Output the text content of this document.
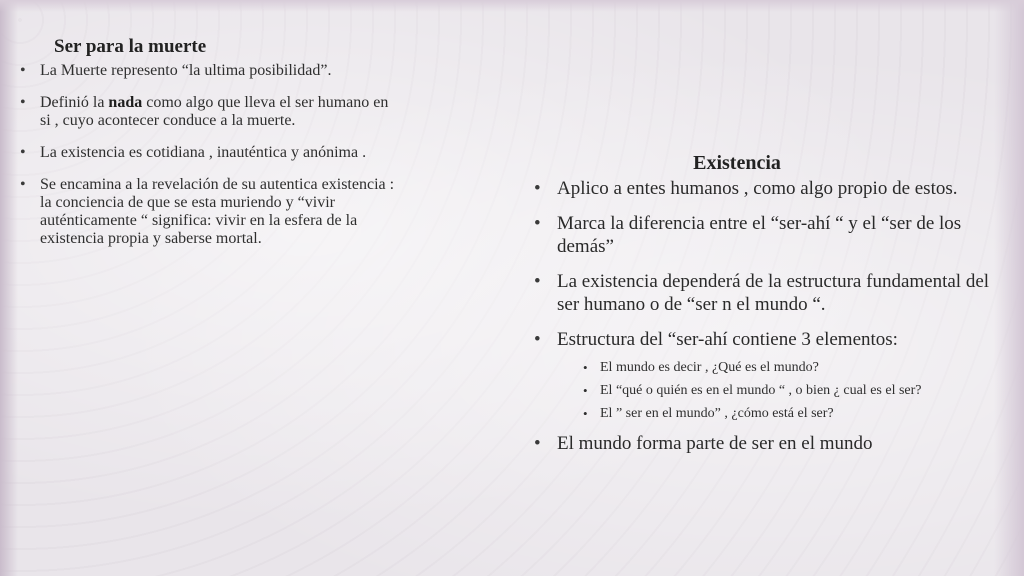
Ser para la muerte
• La Muerte represento “la ultima posibilidad”.
• Definió la nada como algo que lleva el ser humano en si , cuyo acontecer conduce a la muerte.
• La existencia es cotidiana , inauténtica y anónima .
• Se encamina a la revelación de su autentica existencia : la conciencia de que se esta muriendo y “vivir auténticamente “ significa: vivir en la esfera de la existencia propia y saberse mortal.
Existencia
• Aplico a entes humanos , como algo propio de estos.
• Marca la diferencia entre el “ser-ahí “ y el “ser de los demás”
• La existencia dependerá de la estructura fundamental del ser humano o de “ser n el mundo “.
• Estructura del “ser-ahí contiene 3 elementos:
• El mundo es decir , ¿Qué es el mundo?
• El “qué o quién es en el mundo “ , o bien ¿ cual es el ser?
• El ” ser en el mundo” , ¿cómo está el ser?
• El mundo forma parte de ser en el mundo
